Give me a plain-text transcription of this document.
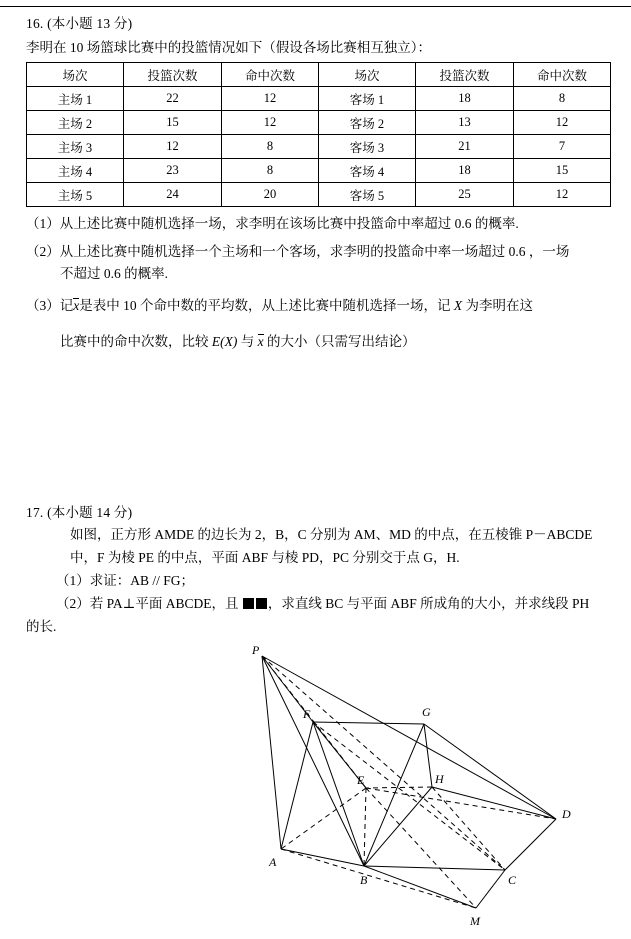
16. (本小题 13 分)
李明在 10 场篮球比赛中的投篮情况如下（假设各场比赛相互独立）：
场次	投篮次数	命中次数	场次	投篮次数	命中次数
主场 1	22	12	客场 1	18	8
主场 2	15	12	客场 2	13	12
主场 3	12	8	客场 3	21	7
主场 4	23	8	客场 4	18	15
主场 5	24	20	客场 5	25	12
（1） 从上述比赛中随机选择一场，求李明在该场比赛中投篮命中率超过 0.6 的概率.
（2） 从上述比赛中随机选择一个主场和一个客场，求李明的投篮命中率一场超过 0.6 ，一场
不超过 0.6 的概率.
（3） 记x是表中 10 个命中数的平均数，从上述比赛中随机选择一场，记 X 为李明在这
比赛中的命中次数，比较 E(X) 与 x 的大小（只需写出结论）
17. (本小题 14 分)
如图，正方形 AMDE 的边长为 2，B，C 分别为 AM、MD 的中点，在五棱锥 P－ABCDE
中，F 为棱 PE 的中点，平面 ABF 与棱 PD，PC 分别交于点 G，H.
（1）求证：AB // FG；
（2）若 PA⊥平面 ABCDE，且 ，求直线 BC 与平面 ABF 所成角的大小，并求线段 PH
的长.
P
F	G
E	H
D
A
B	C
M
